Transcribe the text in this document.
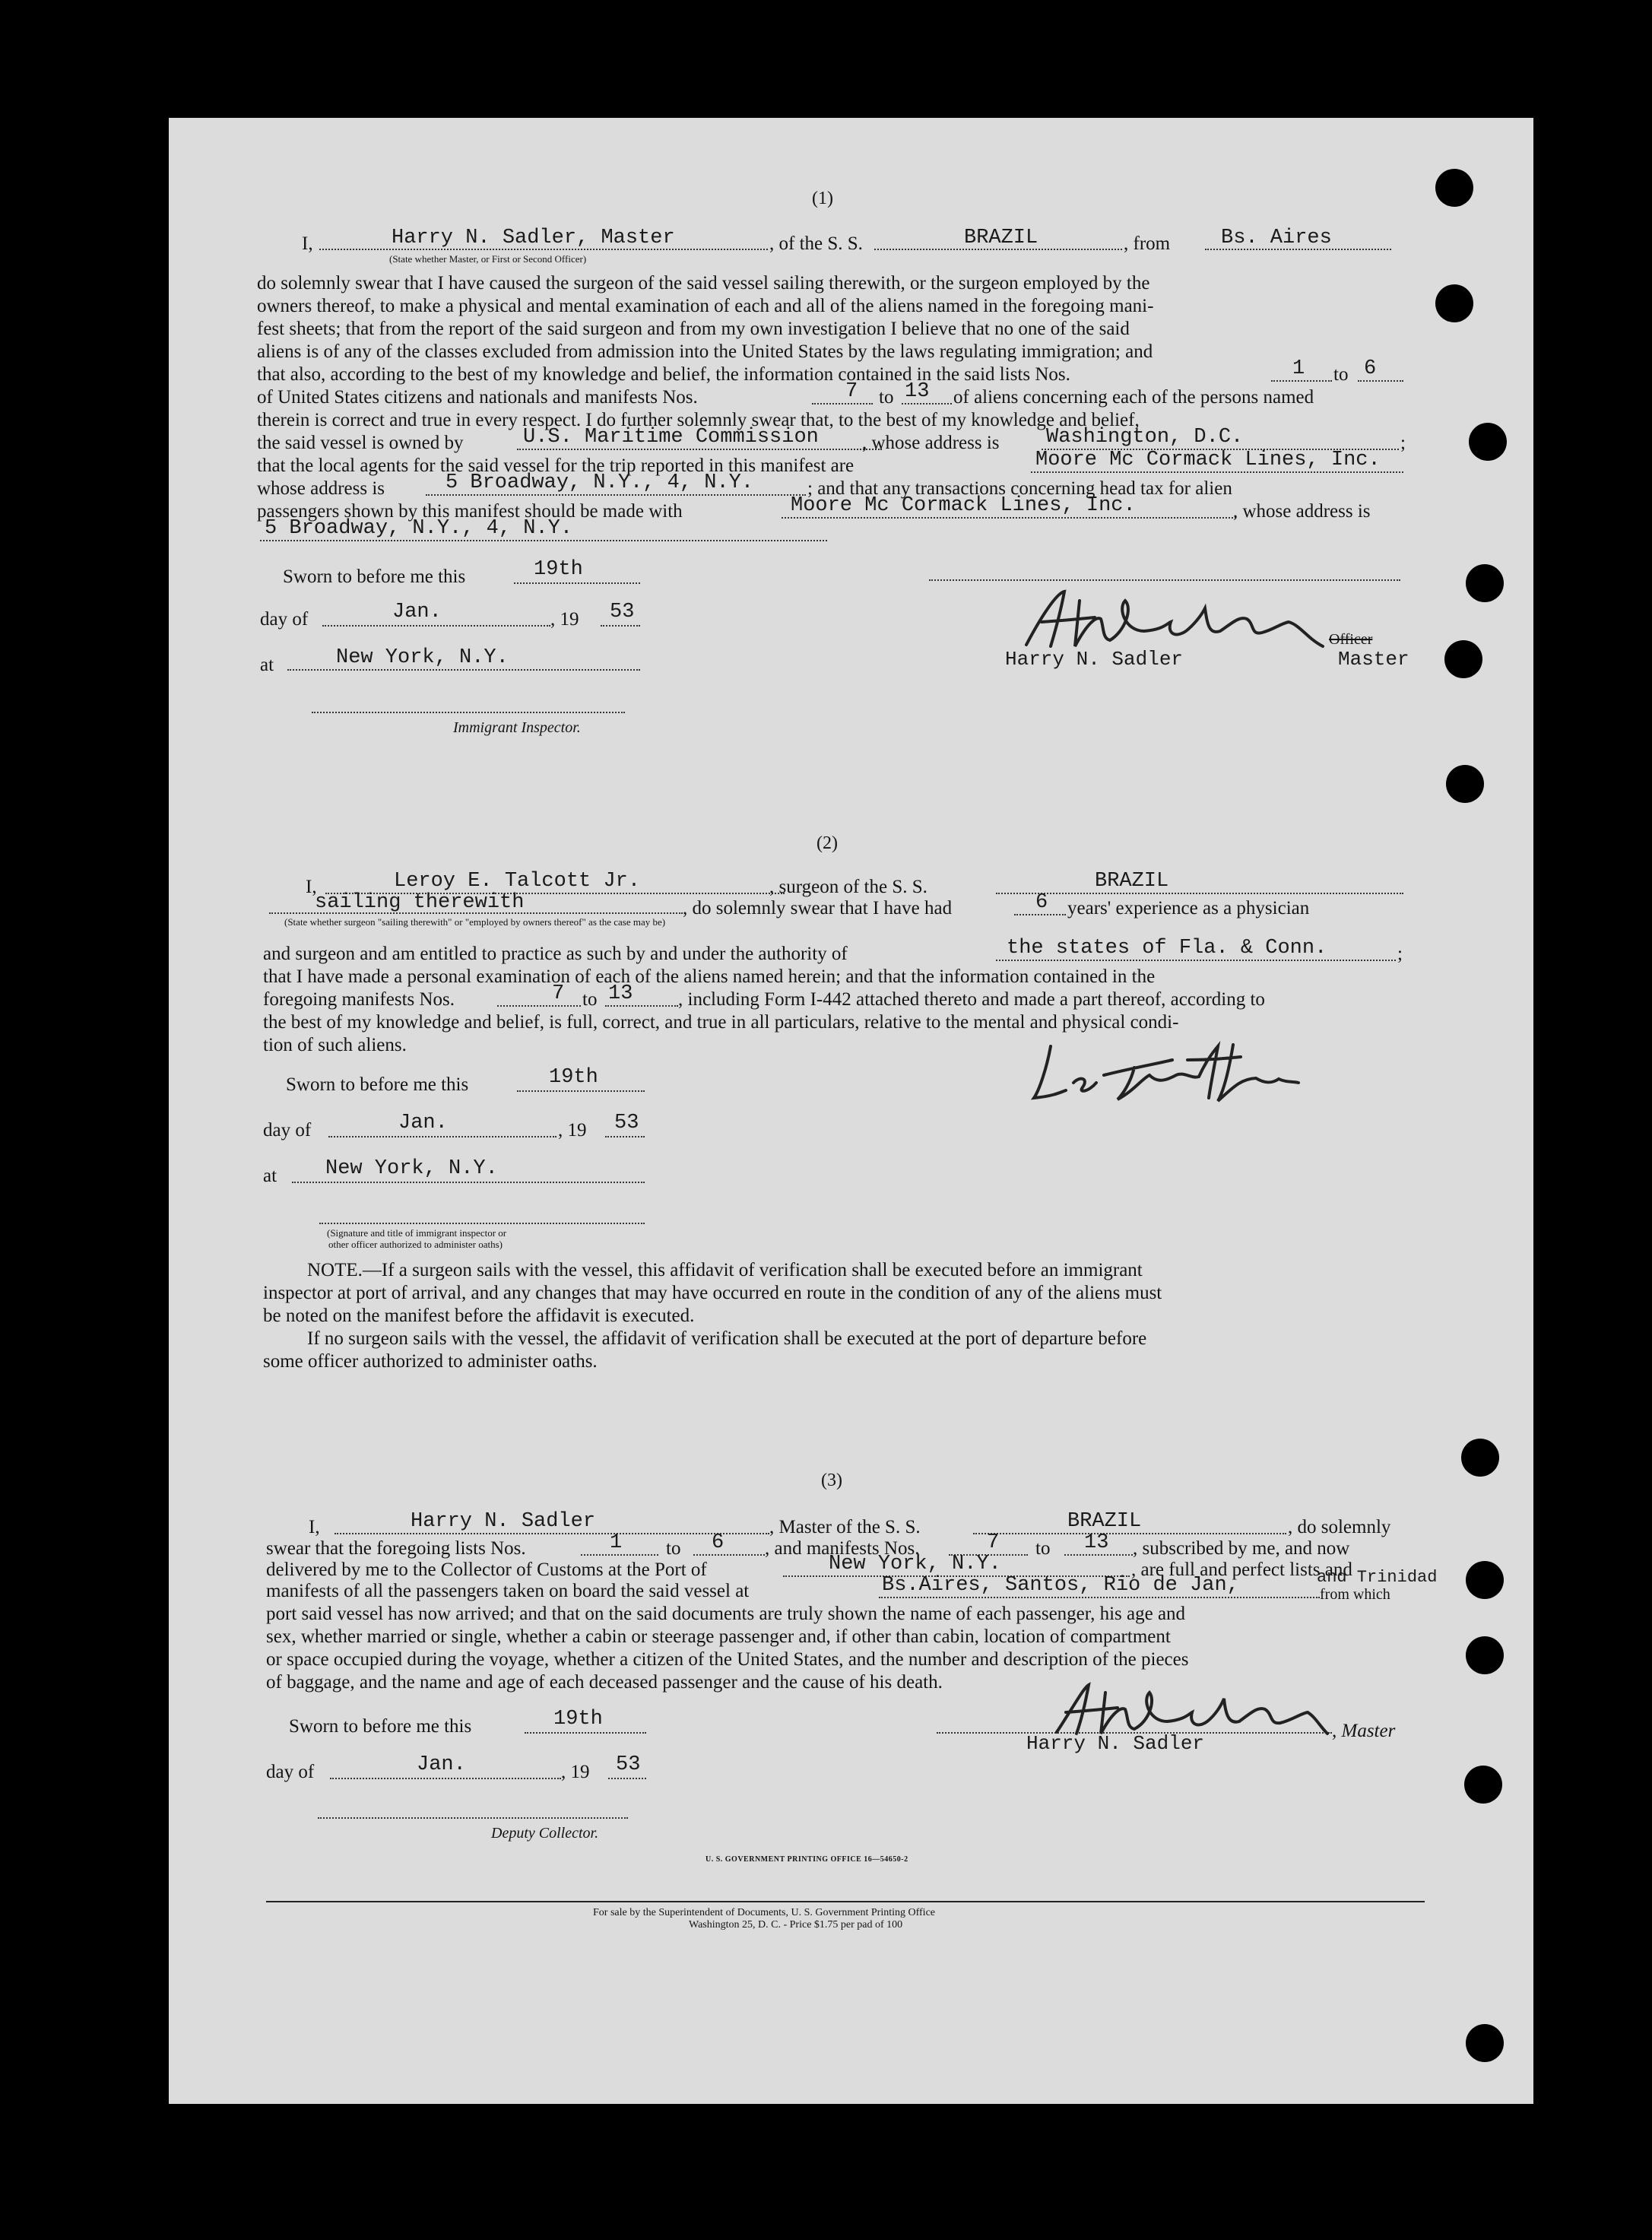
(1)
I,	Harry N. Sadler, Master
(State whether Master, or First or Second Officer)
, of the S. S.	BRAZIL	, from Bs. Aires
do solemnly swear that I have caused the surgeon of the said vessel sailing therewith, or the surgeon employed by the
owners thereof, to make a physical and mental examination of each and all of the aliens named in the foregoing mani-
fest sheets; that from the report of the said surgeon and from my own investigation I believe that no one of the said
aliens is of any of the classes excluded from admission into the United States by the laws regulating immigration; and
that also, according to the best of my knowledge and belief, the information contained in the said lists Nos.	1 to 6
of United States citizens and nationals and manifests Nos.	7 to 13 of aliens concerning each of the persons named
therein is correct and true in every respect. I do further solemnly swear that, to the best of my knowledge and belief,
the said vessel is owned by	U.S. Maritime Commission , whose address is Washington, D.C.	;
that the local agents for the said vessel for the trip reported in this manifest are	Moore Mc Cormack Lines, Inc.
whose address is	5 Broadway, N.Y., 4, N.Y.	; and that any transactions concerning head tax for alien
passengers shown by this manifest should be made with	Moore Mc Cormack Lines, Inc.	, whose address is
5 Broadway, N.Y., 4, N.Y.
Sworn to before me this	19th
day of	Jan.	, 19 53
at	New York, N.Y.
Immigrant Inspector.
Harry N. Sadler
Officer
Master
(2)
I,	Leroy E. Talcott Jr.	, surgeon of the S. S.	BRAZIL
sailing therewith
(State whether surgeon "sailing therewith" or "employed by owners thereof" as the case may be)
, do solemnly swear that I have had	6 years' experience as a physician
and surgeon and am entitled to practice as such by and under the authority of	the states of Fla. & Conn.	;
that I have made a personal examination of each of the aliens named herein; and that the information contained in the
foregoing manifests Nos.	7 to 13 , including Form I-442 attached thereto and made a part thereof, according to
the best of my knowledge and belief, is full, correct, and true in all particulars, relative to the mental and physical condi-
tion of such aliens.
Sworn to before me this	19th
day of	Jan.	, 19 53
at New York, N.Y.
(Signature and title of immigrant inspector or
other officer authorized to administer oaths)
NOTE.—If a surgeon sails with the vessel, this affidavit of verification shall be executed before an immigrant
inspector at port of arrival, and any changes that may have occurred en route in the condition of any of the aliens must
be noted on the manifest before the affidavit is executed.
If no surgeon sails with the vessel, the affidavit of verification shall be executed at the port of departure before
some officer authorized to administer oaths.
(3)
I,	Harry N. Sadler	, Master of the S. S.	BRAZIL	, do solemnly
swear that the foregoing lists Nos.	1 to 6 , and manifests Nos.	7 to 13 , subscribed by me, and now
delivered by me to the Collector of Customs at the Port of	New York, N.Y.	, are full and perfect lists and
manifests of all the passengers taken on board the said vessel at	Bs.Aires, Santos, Rio de Jan,	and Trinidad
from which
port said vessel has now arrived; and that on the said documents are truly shown the name of each passenger, his age and
sex, whether married or single, whether a cabin or steerage passenger and, if other than cabin, location of compartment
or space occupied during the voyage, whether a citizen of the United States, and the number and description of the pieces
of baggage, and the name and age of each deceased passenger and the cause of his death.
Sworn to before me this	19th
day of	Jan.	, 19 53
Deputy Collector.
Harry N. Sadler
, Master
U. S. GOVERNMENT PRINTING OFFICE 16—54650-2
For sale by the Superintendent of Documents, U. S. Government Printing Office
Washington 25, D. C. - Price $1.75 per pad of 100
